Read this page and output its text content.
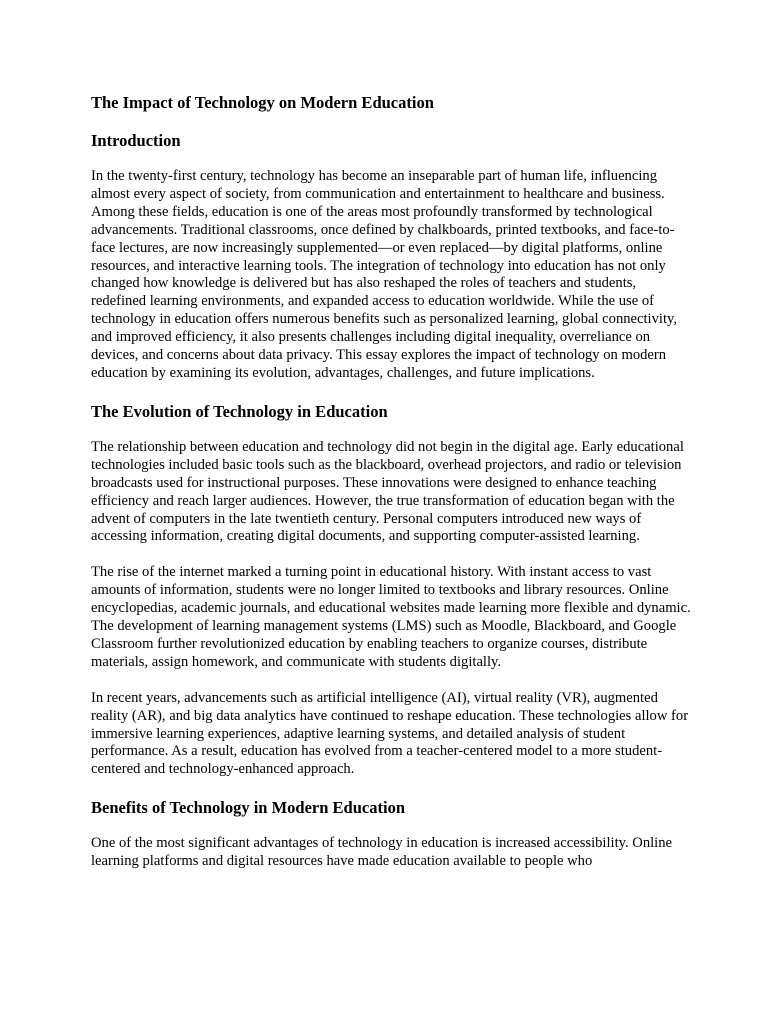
The Impact of Technology on Modern Education
Introduction

In the twenty-first century, technology has become an inseparable part of human life, influencing almost every aspect of society, from communication and entertainment to healthcare and business. Among these fields, education is one of the areas most profoundly transformed by technological advancements. Traditional classrooms, once defined by chalkboards, printed textbooks, and face-to-face lectures, are now increasingly supplemented—or even replaced—by digital platforms, online resources, and interactive learning tools. The integration of technology into education has not only changed how knowledge is delivered but has also reshaped the roles of teachers and students, redefined learning environments, and expanded access to education worldwide. While the use of technology in education offers numerous benefits such as personalized learning, global connectivity, and improved efficiency, it also presents challenges including digital inequality, overreliance on devices, and concerns about data privacy. This essay explores the impact of technology on modern education by examining its evolution, advantages, challenges, and future implications.

The Evolution of Technology in Education

The relationship between education and technology did not begin in the digital age. Early educational technologies included basic tools such as the blackboard, overhead projectors, and radio or television broadcasts used for instructional purposes. These innovations were designed to enhance teaching efficiency and reach larger audiences. However, the true transformation of education began with the advent of computers in the late twentieth century. Personal computers introduced new ways of accessing information, creating digital documents, and supporting computer-assisted learning.

The rise of the internet marked a turning point in educational history. With instant access to vast amounts of information, students were no longer limited to textbooks and library resources. Online encyclopedias, academic journals, and educational websites made learning more flexible and dynamic. The development of learning management systems (LMS) such as Moodle, Blackboard, and Google Classroom further revolutionized education by enabling teachers to organize courses, distribute materials, assign homework, and communicate with students digitally.

In recent years, advancements such as artificial intelligence (AI), virtual reality (VR), augmented reality (AR), and big data analytics have continued to reshape education. These technologies allow for immersive learning experiences, adaptive learning systems, and detailed analysis of student performance. As a result, education has evolved from a teacher-centered model to a more student-centered and technology-enhanced approach.

Benefits of Technology in Modern Education

One of the most significant advantages of technology in education is increased accessibility. Online learning platforms and digital resources have made education available to people who
